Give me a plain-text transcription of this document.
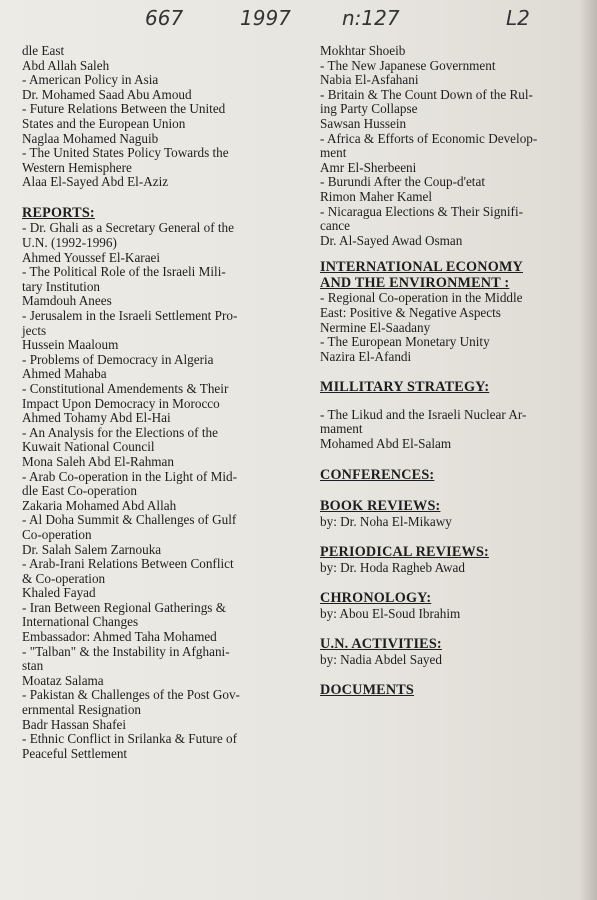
667	1997	n:127	L2
dle East
Abd Allah Saleh
- American Policy in Asia
Dr. Mohamed Saad Abu Amoud
- Future Relations Between the United
States and the European Union
Naglaa Mohamed Naguib
- The United States Policy Towards the
Western Hemisphere
Alaa El-Sayed Abd El-Aziz
REPORTS:
- Dr. Ghali as a Secretary General of the
U.N. (1992-1996)
Ahmed Youssef El-Karaei
- The Political Role of the Israeli Mili-
tary Institution
Mamdouh Anees
- Jerusalem in the Israeli Settlement Pro-
jects
Hussein Maaloum
- Problems of Democracy in Algeria
Ahmed Mahaba
- Constitutional Amendements & Their
Impact Upon Democracy in Morocco
Ahmed Tohamy Abd El-Hai
- An Analysis for the Elections of the
Kuwait National Council
Mona Saleh Abd El-Rahman
- Arab Co-operation in the Light of Mid-
dle East Co-operation
Zakaria Mohamed Abd Allah
- Al Doha Summit & Challenges of Gulf
Co-operation
Dr. Salah Salem Zarnouka
- Arab-Irani Relations Between Conflict
& Co-operation
Khaled Fayad
- Iran Between Regional Gatherings &
International Changes
Embassador: Ahmed Taha Mohamed
- "Talban" & the Instability in Afghani-
stan
Moataz Salama
- Pakistan & Challenges of the Post Gov-
ernmental Resignation
Badr Hassan Shafei
- Ethnic Conflict in Srilanka & Future of
Peaceful Settlement
Mokhtar Shoeib
- The New Japanese Government
Nabia El-Asfahani
- Britain & The Count Down of the Rul-
ing Party Collapse
Sawsan Hussein
- Africa & Efforts of Economic Develop-
ment
Amr El-Sherbeeni
- Burundi After the Coup-d'etat
Rimon Maher Kamel
- Nicaragua Elections & Their Signifi-
cance
Dr. Al-Sayed Awad Osman
INTERNATIONAL ECONOMY
AND THE ENVIRONMENT :
- Regional Co-operation in the Middle
East: Positive & Negative Aspects
Nermine El-Saadany
- The European Monetary Unity
Nazira El-Afandi
MILLITARY STRATEGY:
- The Likud and the Israeli Nuclear Ar-
mament
Mohamed Abd El-Salam
CONFERENCES:
BOOK REVIEWS:
by: Dr. Noha El-Mikawy
PERIODICAL REVIEWS:
by: Dr. Hoda Ragheb Awad
CHRONOLOGY:
by: Abou El-Soud Ibrahim
U.N. ACTIVITIES:
by: Nadia Abdel Sayed
DOCUMENTS
